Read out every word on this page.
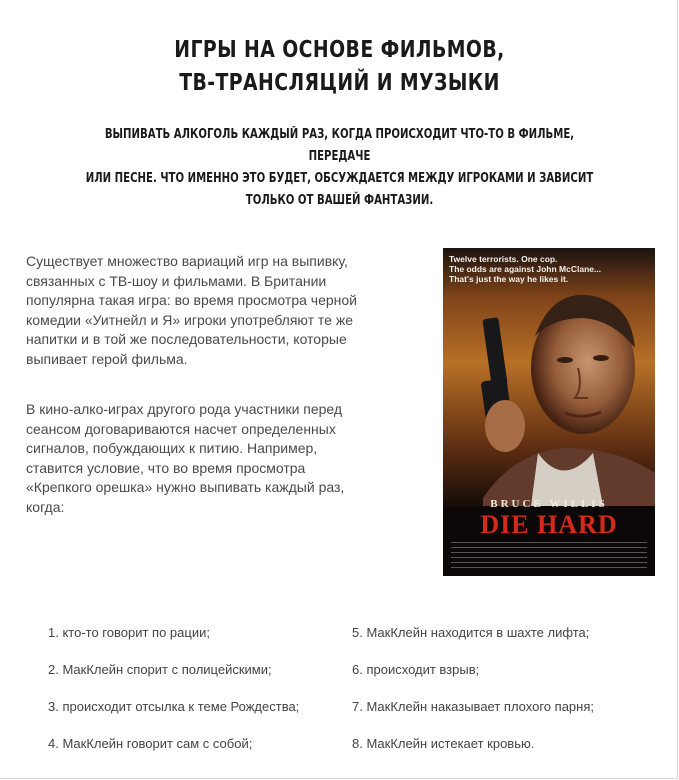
ИГРЫ НА ОСНОВЕ ФИЛЬМОВ,
ТВ-ТРАНСЛЯЦИЙ И МУЗЫКИ
ВЫПИВАТЬ АЛКОГОЛЬ КАЖДЫЙ РАЗ, КОГДА ПРОИСХОДИТ ЧТО-ТО В ФИЛЬМЕ, ПЕРЕДАЧЕ
ИЛИ ПЕСНЕ. ЧТО ИМЕННО ЭТО БУДЕТ, ОБСУЖДАЕТСЯ МЕЖДУ ИГРОКАМИ И ЗАВИСИТ
ТОЛЬКО ОТ ВАШЕЙ ФАНТАЗИИ.
Существует множество вариаций игр на выпивку,
связанных с ТВ-шоу и фильмами. В Британии
популярна такая игра: во время просмотра черной
комедии «Уитнейл и Я» игроки употребляют те же
напитки и в той же последовательности, которые
выпивает герой фильма.
В кино-алко-играх другого рода участники перед
сеансом договариваются насчет определенных
сигналов, побуждающих к питию. Например,
ставится условие, что во время просмотра
«Крепкого орешка» нужно выпивать каждый раз,
когда:
Twelve terrorists. One cop.
The odds are against John McClane...
That's just the way he likes it.
BRUCE WILLIS
DIE HARD
1. кто-то говорит по рации;
2. МакКлейн спорит с полицейскими;
3. происходит отсылка к теме Рождества;
4. МакКлейн говорит сам с собой;
5. МакКлейн находится в шахте лифта;
6. происходит взрыв;
7. МакКлейн наказывает плохого парня;
8. МакКлейн истекает кровью.
